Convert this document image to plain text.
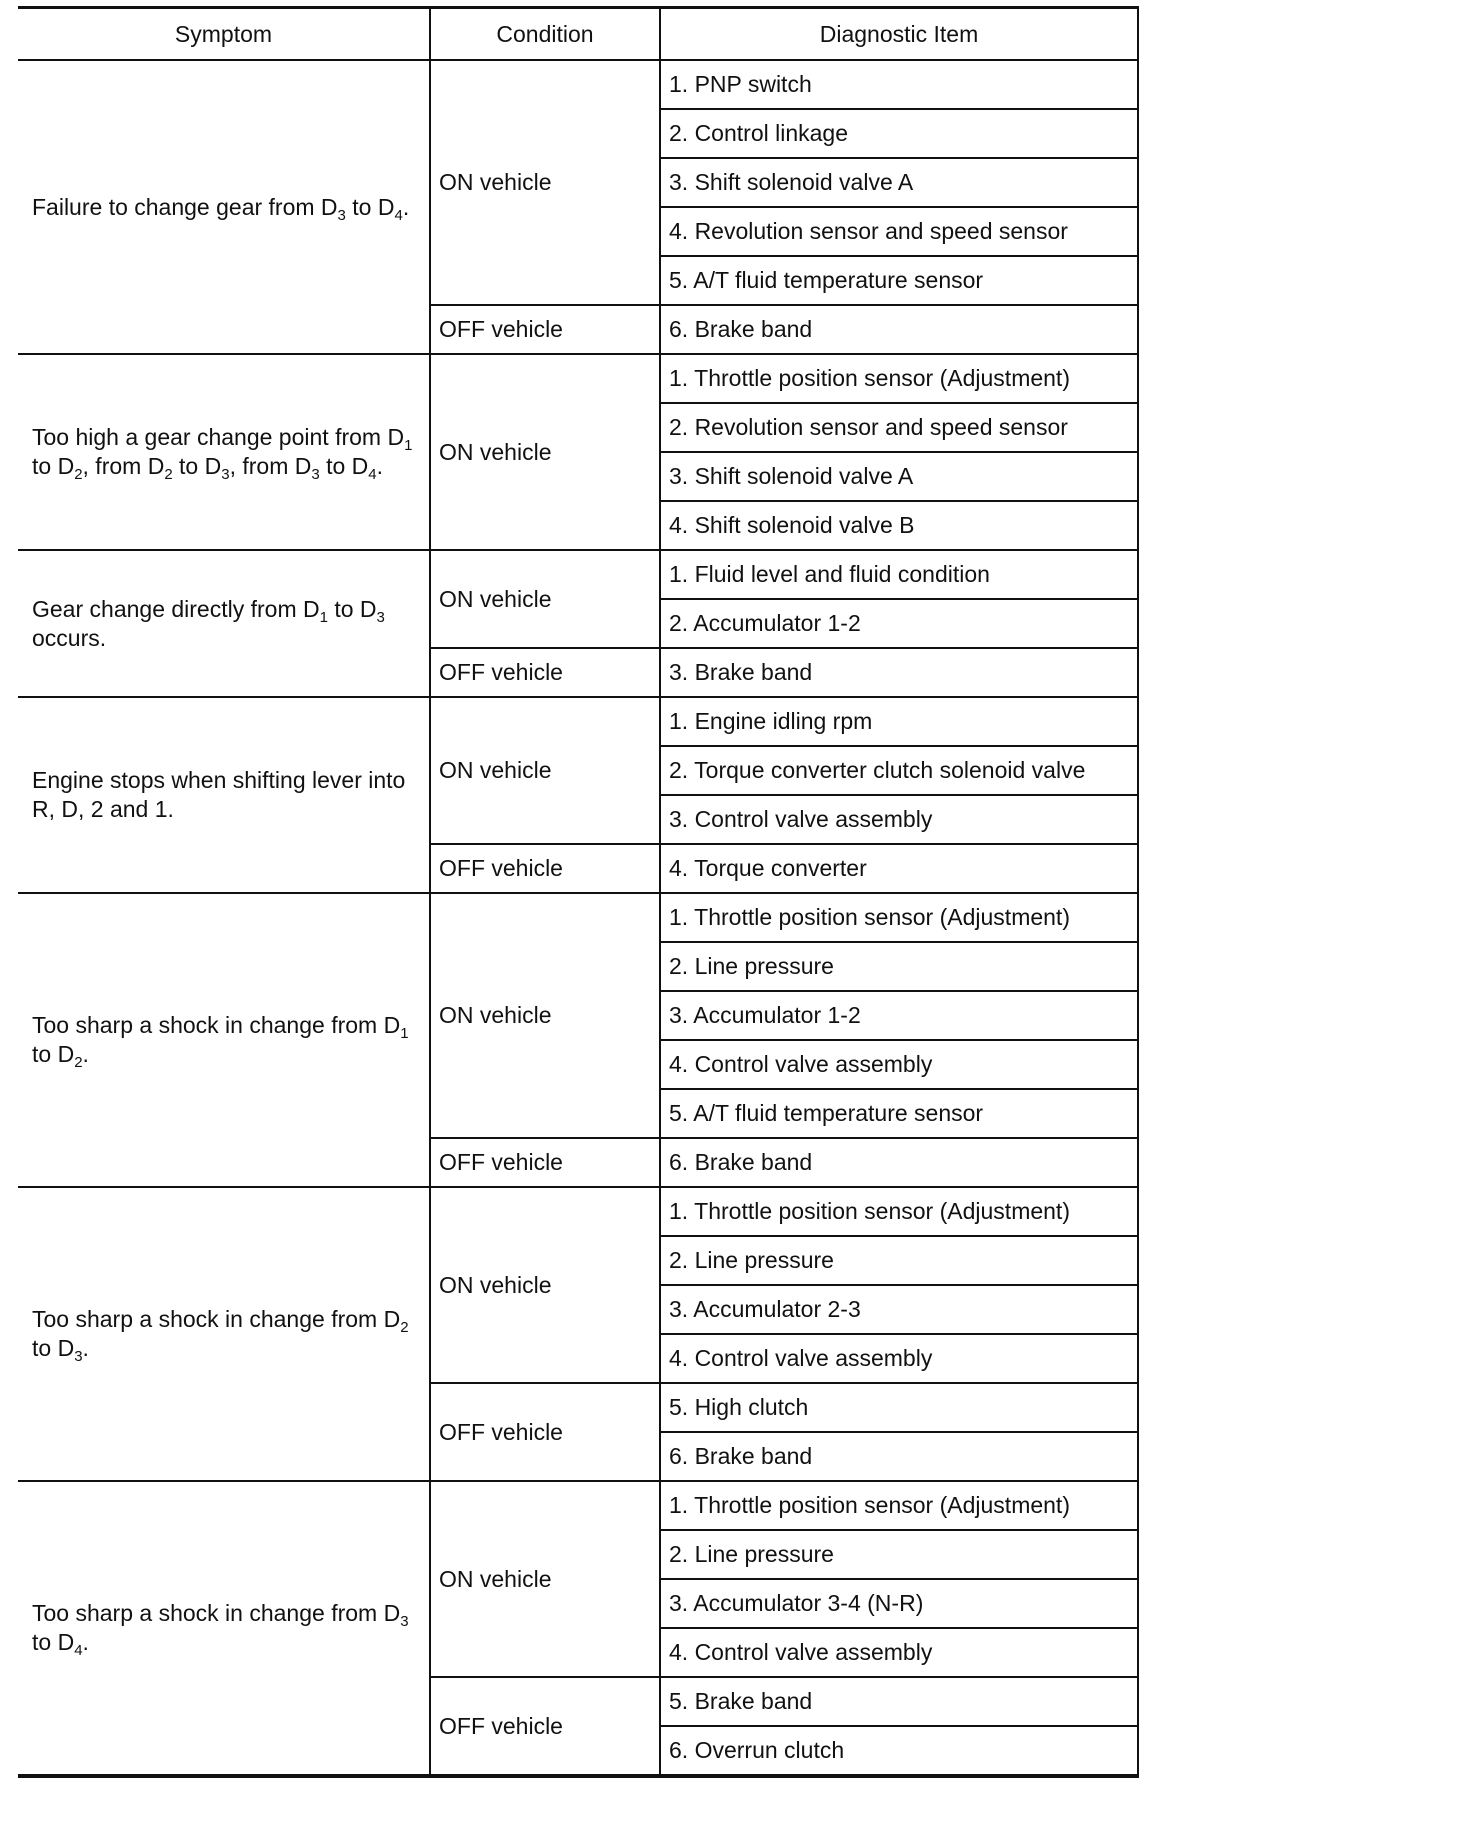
Symptom	Condition	Diagnostic Item
Failure to change gear from $D_3$ to $D_4$.	ON vehicle	1. PNP switch
		2. Control linkage
		3. Shift solenoid valve A
		4. Revolution sensor and speed sensor
		5. A/T fluid temperature sensor
	OFF vehicle	6. Brake band
Too high a gear change point from $D_1$ to $D_2$, from $D_2$ to $D_3$, from $D_3$ to $D_4$.	ON vehicle	1. Throttle position sensor (Adjustment)
		2. Revolution sensor and speed sensor
		3. Shift solenoid valve A
		4. Shift solenoid valve B
Gear change directly from $D_1$ to $D_3$ occurs.	ON vehicle	1. Fluid level and fluid condition
		2. Accumulator 1-2
	OFF vehicle	3. Brake band
Engine stops when shifting lever into R, D, 2 and 1.	ON vehicle	1. Engine idling rpm
		2. Torque converter clutch solenoid valve
		3. Control valve assembly
	OFF vehicle	4. Torque converter
Too sharp a shock in change from $D_1$ to $D_2$.	ON vehicle	1. Throttle position sensor (Adjustment)
		2. Line pressure
		3. Accumulator 1-2
		4. Control valve assembly
		5. A/T fluid temperature sensor
	OFF vehicle	6. Brake band
Too sharp a shock in change from $D_2$ to $D_3$.	ON vehicle	1. Throttle position sensor (Adjustment)
		2. Line pressure
		3. Accumulator 2-3
		4. Control valve assembly
	OFF vehicle	5. High clutch
		6. Brake band
Too sharp a shock in change from $D_3$ to $D_4$.	ON vehicle	1. Throttle position sensor (Adjustment)
		2. Line pressure
		3. Accumulator 3-4 (N-R)
		4. Control valve assembly
	OFF vehicle	5. Brake band
		6. Overrun clutch
